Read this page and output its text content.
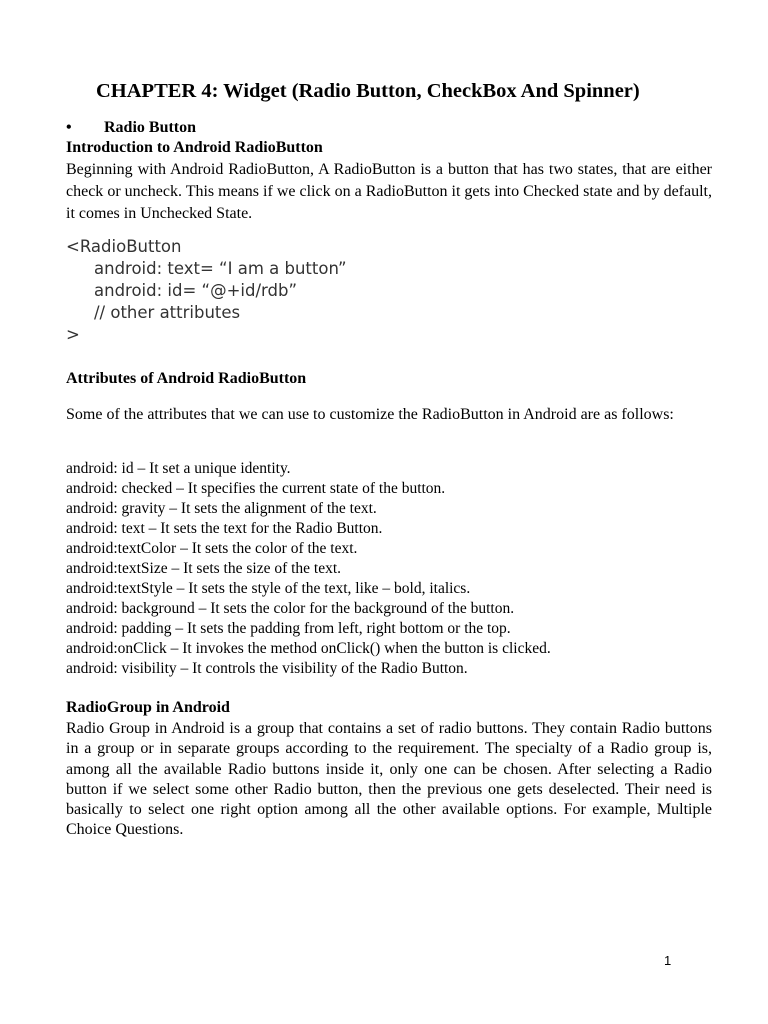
CHAPTER 4: Widget (Radio Button, CheckBox And Spinner)
• Radio Button
Introduction to Android RadioButton
Beginning with Android RadioButton, A RadioButton is a button that has two states, that are either check or uncheck. This means if we click on a RadioButton it gets into Checked state and by default, it comes in Unchecked State.
<RadioButton
android: text= “I am a button”
android: id= “@+id/rdb”
// other attributes
>
Attributes of Android RadioButton
Some of the attributes that we can use to customize the RadioButton in Android are as follows:
android: id – It set a unique identity.
android: checked – It specifies the current state of the button.
android: gravity – It sets the alignment of the text.
android: text – It sets the text for the Radio Button.
android:textColor – It sets the color of the text.
android:textSize – It sets the size of the text.
android:textStyle – It sets the style of the text, like – bold, italics.
android: background – It sets the color for the background of the button.
android: padding – It sets the padding from left, right bottom or the top.
android:onClick – It invokes the method onClick() when the button is clicked.
android: visibility – It controls the visibility of the Radio Button.
RadioGroup in Android
Radio Group in Android is a group that contains a set of radio buttons. They contain Radio buttons in a group or in separate groups according to the requirement. The specialty of a Radio group is, among all the available Radio buttons inside it, only one can be chosen. After selecting a Radio button if we select some other Radio button, then the previous one gets deselected. Their need is basically to select one right option among all the other available options. For example, Multiple Choice Questions.
1
